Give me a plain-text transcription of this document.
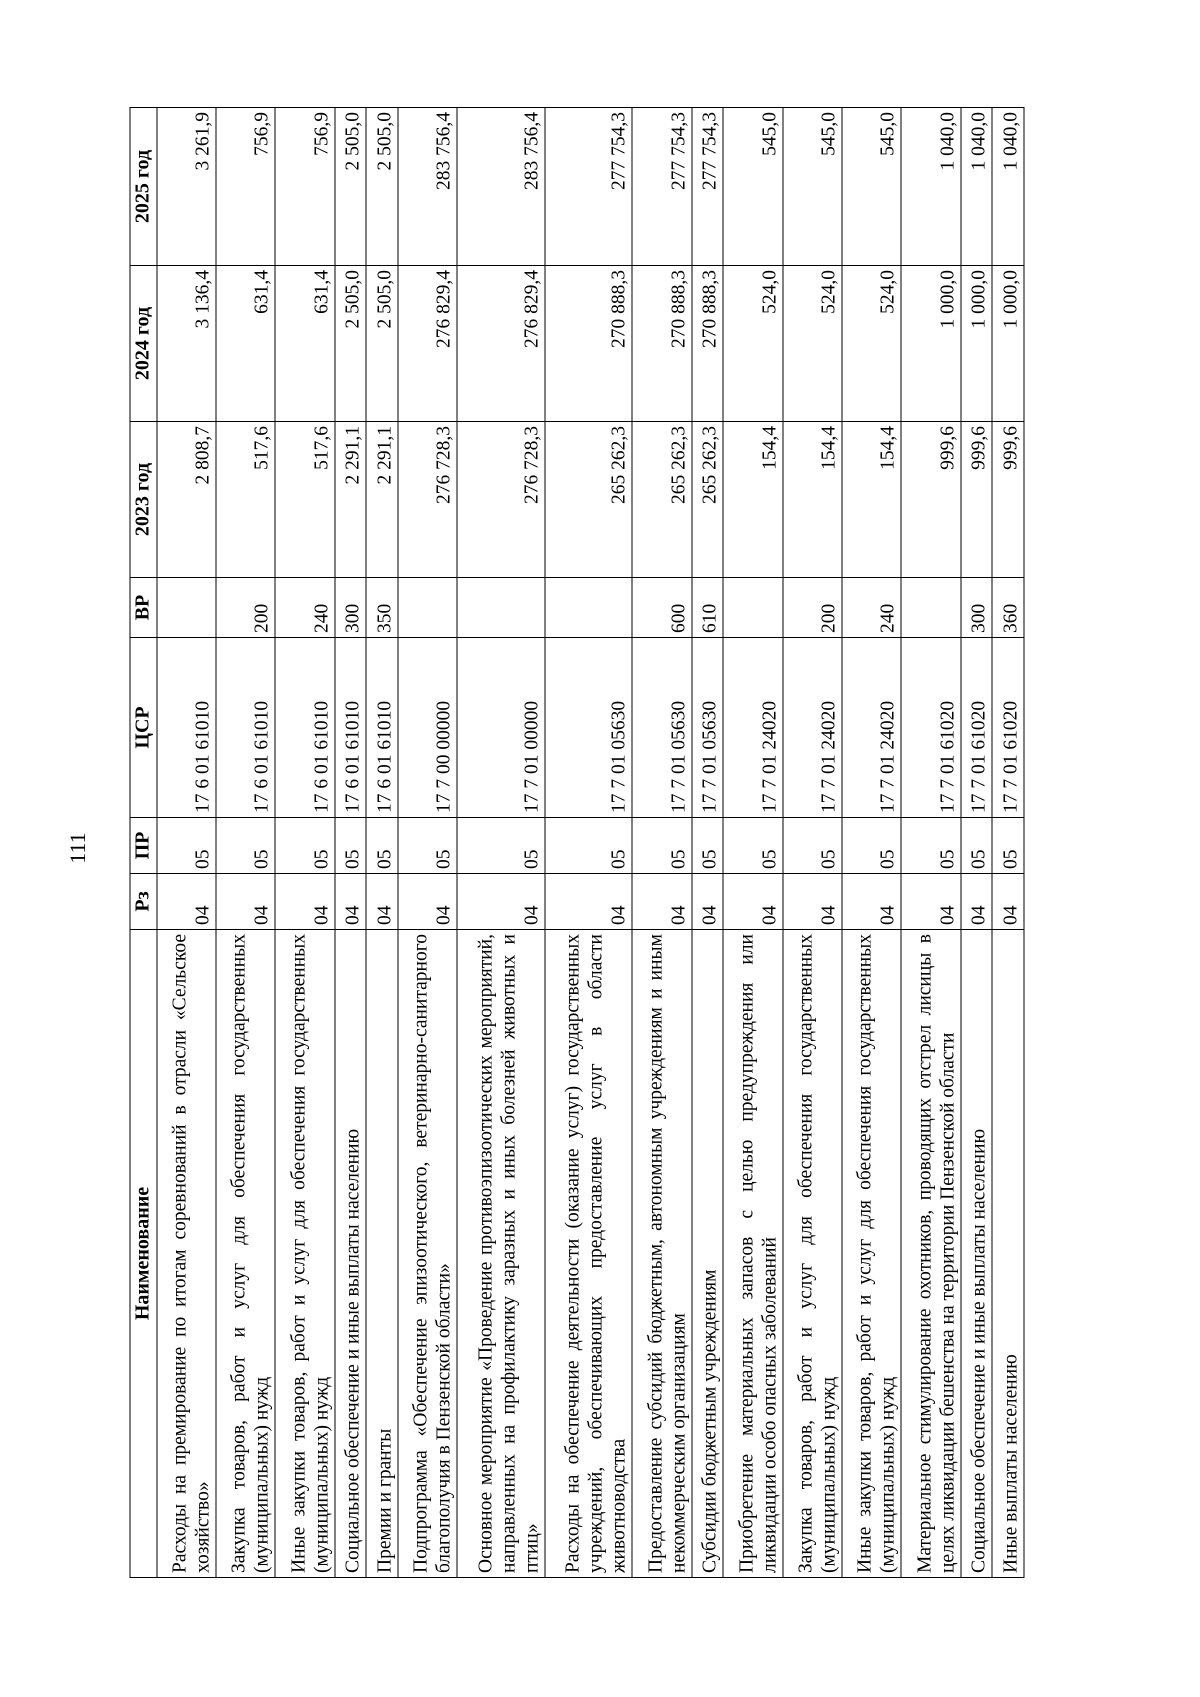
111
Наименование	Рз	ПР	ЦСР	ВР	2023 год	2024 год	2025 год
Расходы на премирование по итогам соревнований в отрасли «Сельское хозяйство»	04	05	17 6 01 61010		2 808,7	3 136,4	3 261,9
Закупка товаров, работ и услуг для обеспечения государственных (муниципальных) нужд	04	05	17 6 01 61010	200	517,6	631,4	756,9
Иные закупки товаров, работ и услуг для обеспечения государственных (муниципальных) нужд	04	05	17 6 01 61010	240	517,6	631,4	756,9
Социальное обеспечение и иные выплаты населению	04	05	17 6 01 61010	300	2 291,1	2 505,0	2 505,0
Премии и гранты	04	05	17 6 01 61010	350	2 291,1	2 505,0	2 505,0
Подпрограмма «Обеспечение эпизоотического, ветеринарно-санитарного благополучия в Пензенской области»	04	05	17 7 00 00000		276 728,3	276 829,4	283 756,4
Основное мероприятие «Проведение противоэпизоотических мероприятий, направленных на профилактику заразных и иных болезней животных и птиц»	04	05	17 7 01 00000		276 728,3	276 829,4	283 756,4
Расходы на обеспечение деятельности (оказание услуг) государственных учреждений, обеспечивающих предоставление услуг в области животноводства	04	05	17 7 01 05630		265 262,3	270 888,3	277 754,3
Предоставление субсидий бюджетным, автономным учреждениям и иным некоммерческим организациям	04	05	17 7 01 05630	600	265 262,3	270 888,3	277 754,3
Субсидии бюджетным учреждениям	04	05	17 7 01 05630	610	265 262,3	270 888,3	277 754,3
Приобретение материальных запасов с целью предупреждения или ликвидации особо опасных заболеваний	04	05	17 7 01 24020		154,4	524,0	545,0
Закупка товаров, работ и услуг для обеспечения государственных (муниципальных) нужд	04	05	17 7 01 24020	200	154,4	524,0	545,0
Иные закупки товаров, работ и услуг для обеспечения государственных (муниципальных) нужд	04	05	17 7 01 24020	240	154,4	524,0	545,0
Материальное стимулирование охотников, проводящих отстрел лисицы в целях ликвидации бешенства на территории Пензенской области	04	05	17 7 01 61020		999,6	1 000,0	1 040,0
Социальное обеспечение и иные выплаты населению	04	05	17 7 01 61020	300	999,6	1 000,0	1 040,0
Иные выплаты населению	04	05	17 7 01 61020	360	999,6	1 000,0	1 040,0
